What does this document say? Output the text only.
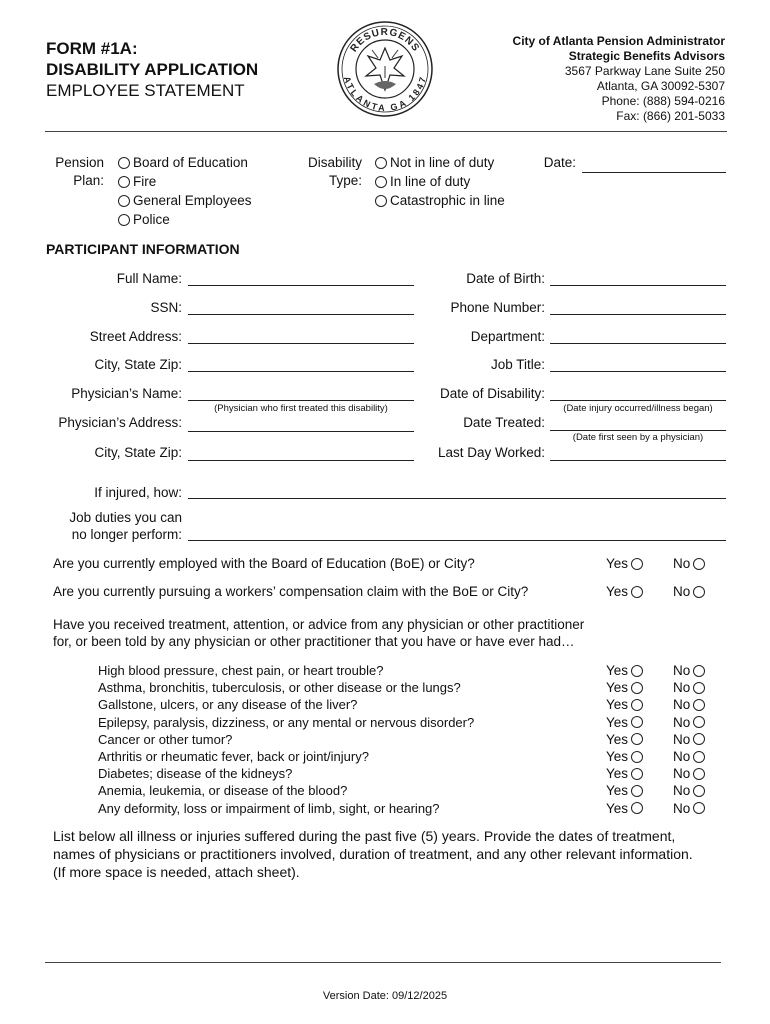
FORM #1A:
DISABILITY APPLICATION
EMPLOYEE STATEMENT
RESURGENS
ATLANTA GA 1847
City of Atlanta Pension Administrator
Strategic Benefits Advisors
3567 Parkway Lane Suite 250
Atlanta, GA 30092-5307
Phone: (888) 594-0216
Fax: (866) 201-5033
Pension
Plan:
Board of Education
Fire
General Employees
Police
Disability
Type:
Not in line of duty
In line of duty
Catastrophic in line
Date:
PARTICIPANT INFORMATION
Full Name:
SSN:
Street Address:
City, State Zip:
Physician’s Name:
(Physician who first treated this disability)
Physician’s Address:
City, State Zip:
Date of Birth:
Phone Number:
Department:
Job Title:
Date of Disability:
(Date injury occurred/illness began)
Date Treated:
(Date first seen by a physician)
Last Day Worked:
If injured, how:
Job duties you can
no longer perform:
Are you currently employed with the Board of Education (BoE) or City?	Yes	No
Are you currently pursuing a workers’ compensation claim with the BoE or City?	Yes	No
Have you received treatment, attention, or advice from any physician or other practitioner
for, or been told by any physician or other practitioner that you have or have ever had…
High blood pressure, chest pain, or heart trouble?	Yes	No
Asthma, bronchitis, tuberculosis, or other disease or the lungs?	Yes	No
Gallstone, ulcers, or any disease of the liver?	Yes	No
Epilepsy, paralysis, dizziness, or any mental or nervous disorder?	Yes	No
Cancer or other tumor?	Yes	No
Arthritis or rheumatic fever, back or joint/injury?	Yes	No
Diabetes; disease of the kidneys?	Yes	No
Anemia, leukemia, or disease of the blood?	Yes	No
Any deformity, loss or impairment of limb, sight, or hearing?	Yes	No
List below all illness or injuries suffered during the past five (5) years. Provide the dates of treatment,
names of physicians or practitioners involved, duration of treatment, and any other relevant information.
(If more space is needed, attach sheet).
Version Date: 09/12/2025
